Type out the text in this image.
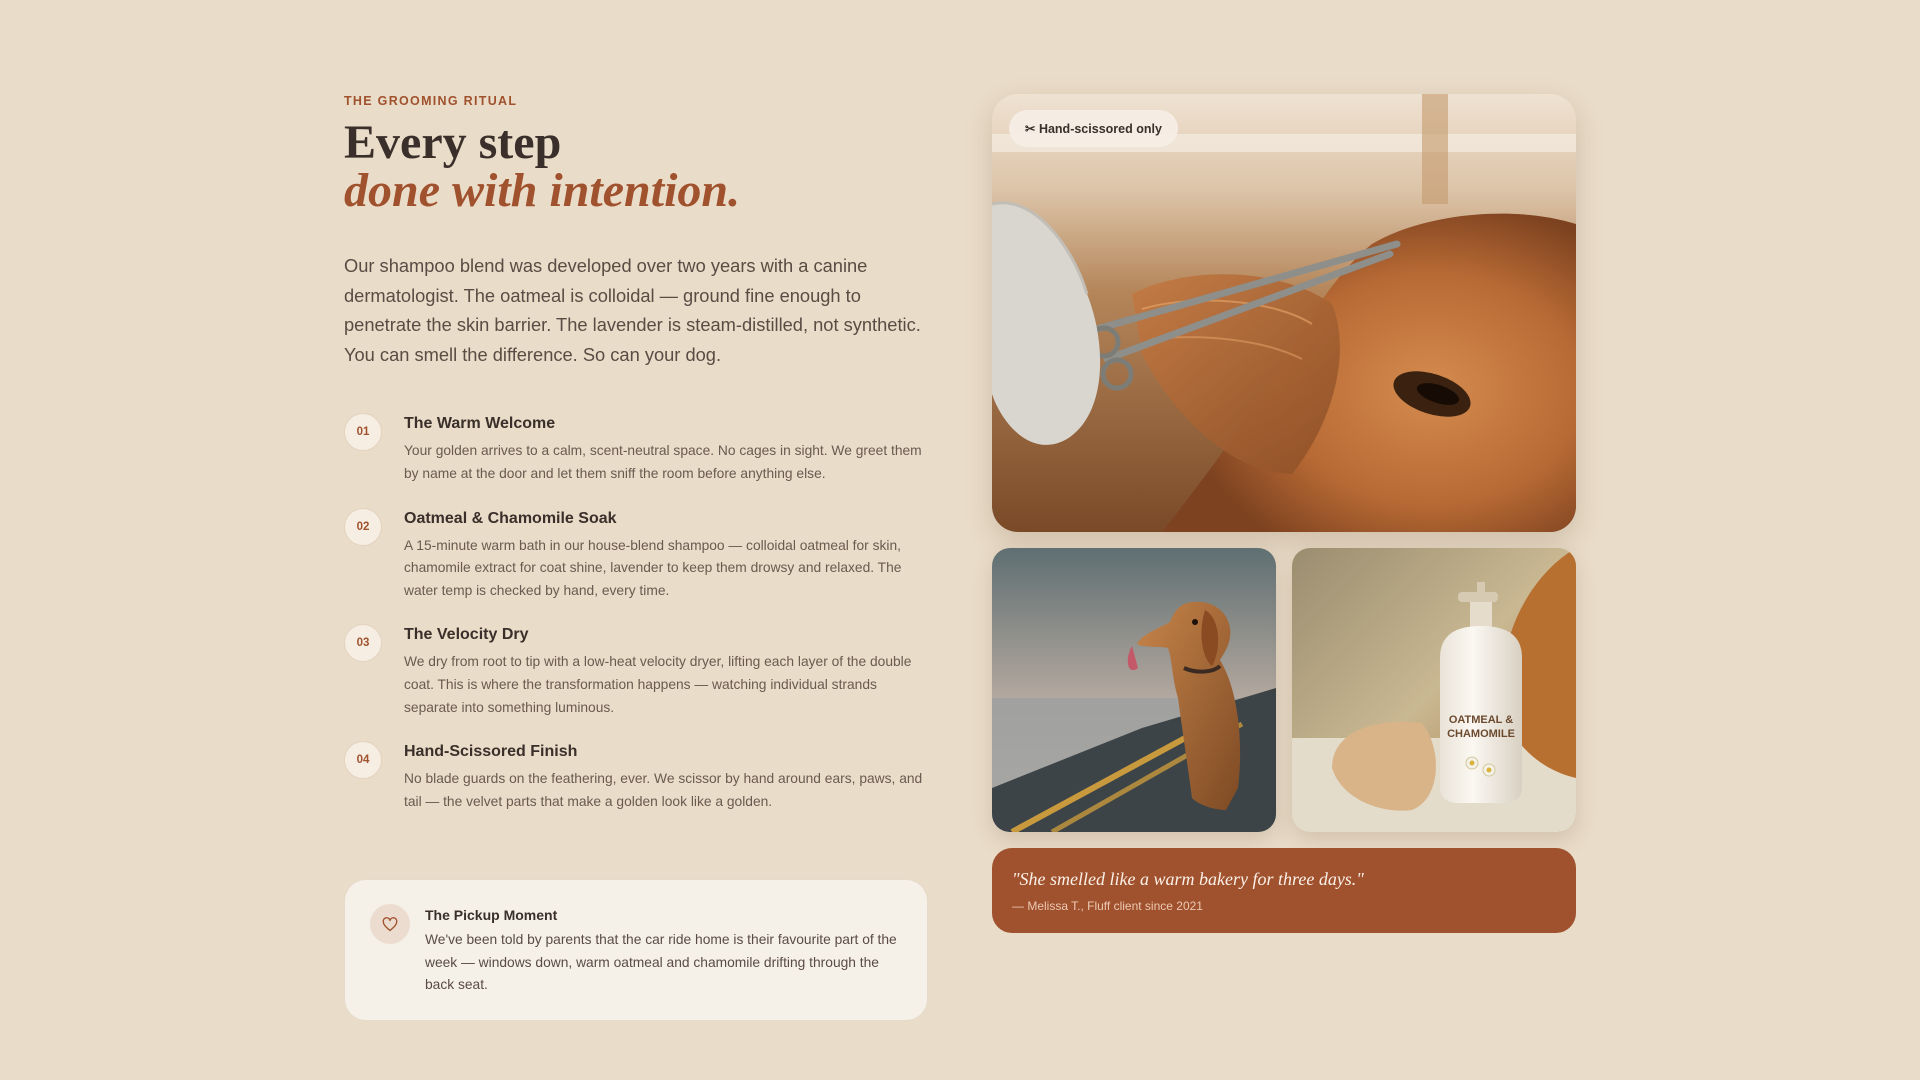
THE GROOMING RITUAL
Every step
done with intention.

Our shampoo blend was developed over two years with a canine dermatologist. The oatmeal is colloidal — ground fine enough to penetrate the skin barrier. The lavender is steam-distilled, not synthetic. You can smell the difference. So can your dog.

01	The Warm Welcome
Your golden arrives to a calm, scent-neutral space. No cages in sight. We greet them by name at the door and let them sniff the room before anything else.
02	Oatmeal & Chamomile Soak
A 15-minute warm bath in our house-blend shampoo — colloidal oatmeal for skin, chamomile extract for coat shine, lavender to keep them drowsy and relaxed. The water temp is checked by hand, every time.
03	The Velocity Dry
We dry from root to tip with a low-heat velocity dryer, lifting each layer of the double coat. This is where the transformation happens — watching individual strands separate into something luminous.
04	Hand-Scissored Finish
No blade guards on the feathering, ever. We scissor by hand around ears, paws, and tail — the velvet parts that make a golden look like a golden.
The Pickup Moment
We've been told by parents that the car ride home is their favourite part of the week — windows down, warm oatmeal and chamomile drifting through the back seat.
✂ Hand-scissored only
OATMEAL &
CHAMOMILE
"She smelled like a warm bakery for three days."
— Melissa T., Fluff client since 2021
